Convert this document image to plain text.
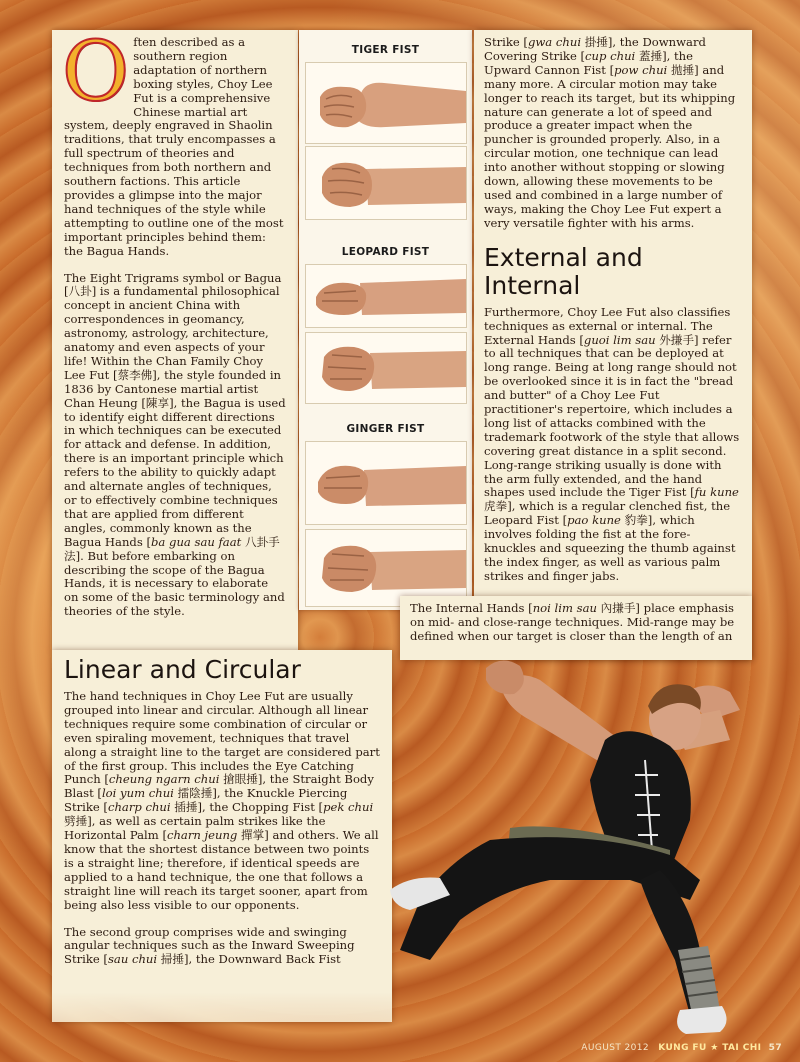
Often described as a southern region adaptation of northern boxing styles, Choy Lee Fut is a comprehensive Chinese martial art system, deeply engraved in Shaolin traditions, that truly encompasses a full spectrum of theories and techniques from both northern and southern factions. This article provides a glimpse into the major hand techniques of the style while attempting to outline one of the most important principles behind them: the Bagua Hands.

The Eight Trigrams symbol or Bagua [八卦] is a fundamental philosophical concept in ancient China with correspondences in geomancy, astronomy, astrology, architecture, anatomy and even aspects of your life! Within the Chan Family Choy Lee Fut [蔡李佛], the style founded in 1836 by Cantonese martial artist Chan Heung [陳享], the Bagua is used to identify eight different directions in which techniques can be executed for attack and defense. In addition, there is an important principle which refers to the ability to quickly adapt and alternate angles of techniques, or to effectively combine techniques that are applied from different angles, commonly known as the Bagua Hands [ba gua sau faat 八卦手法]. But before embarking on describing the scope of the Bagua Hands, it is necessary to elaborate on some of the basic terminology and theories of the style.

TIGER FIST
LEOPARD FIST
GINGER FIST
Linear and Circular

The hand techniques in Choy Lee Fut are usually grouped into linear and circular. Although all linear techniques require some combination of circular or even spiraling movement, techniques that travel along a straight line to the target are considered part of the first group. This includes the Eye Catching Punch [cheung ngarn chui 搶眼捶], the Straight Body Blast [loi yum chui 擂陰捶], the Knuckle Piercing Strike [charp chui 插捶], the Chopping Fist [pek chui 劈捶], as well as certain palm strikes like the Horizontal Palm [charn jeung 撣掌] and others. We all know that the shortest distance between two points is a straight line; therefore, if identical speeds are applied to a hand technique, the one that follows a straight line will reach its target sooner, apart from being also less visible to our opponents.

The second group comprises wide and swinging angular techniques such as the Inward Sweeping Strike [sau chui 掃捶], the Downward Back Fist

Strike [gwa chui 掛捶], the Downward Covering Strike [cup chui 蓋捶], the Upward Cannon Fist [pow chui 拋捶] and many more. A circular motion may take longer to reach its target, but its whipping nature can generate a lot of speed and produce a greater impact when the puncher is grounded properly. Also, in a circular motion, one technique can lead into another without stopping or slowing down, allowing these movements to be used and combined in a large number of ways, making the Choy Lee Fut expert a very versatile fighter with his arms.

External and Internal

Furthermore, Choy Lee Fut also classifies techniques as external or internal. The External Hands [guoi lim sau 外搛手] refer to all techniques that can be deployed at long range. Being at long range should not be overlooked since it is in fact the "bread and butter" of a Choy Lee Fut practitioner's repertoire, which includes a long list of attacks combined with the trademark footwork of the style that allows covering great distance in a split second. Long-range striking usually is done with the arm fully extended, and the hand shapes used include the Tiger Fist [fu kune 虎拳], which is a regular clenched fist, the Leopard Fist [pao kune 豹拳], which involves folding the fist at the fore-knuckles and squeezing the thumb against the index finger, as well as various palm strikes and finger jabs.

The Internal Hands [noi lim sau 內搛手] place emphasis on mid- and close-range techniques. Mid-range may be defined when our target is closer than the length of an

AUGUST 2012 KUNG FU ★ TAI CHI 57
